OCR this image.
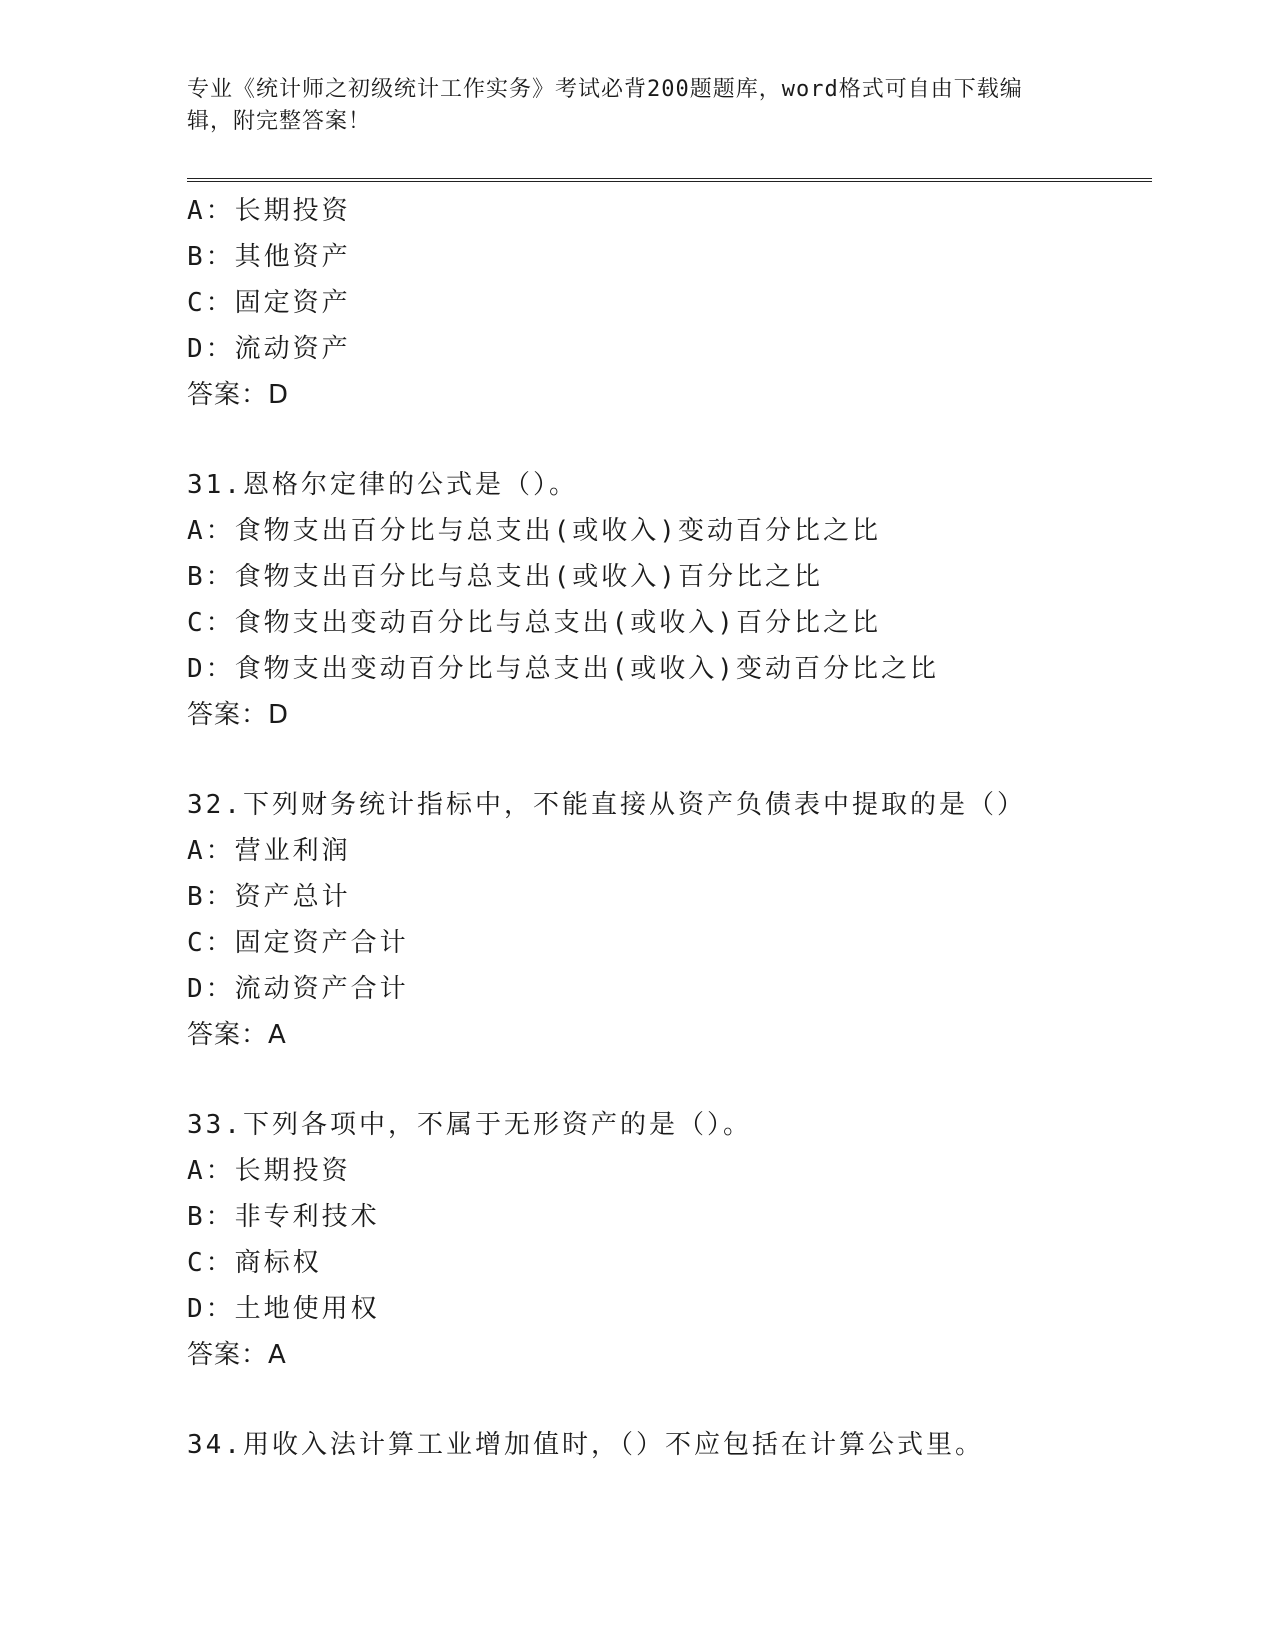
专业《统计师之初级统计工作实务》考试必背200题题库，word格式可自由下载编辑，附完整答案！
A：长期投资
B：其他资产
C：固定资产
D：流动资产
答案：D
31.恩格尔定律的公式是（）。
A：食物支出百分比与总支出(或收入)变动百分比之比
B：食物支出百分比与总支出(或收入)百分比之比
C：食物支出变动百分比与总支出(或收入)百分比之比
D：食物支出变动百分比与总支出(或收入)变动百分比之比
答案：D
32.下列财务统计指标中，不能直接从资产负债表中提取的是（）
A：营业利润
B：资产总计
C：固定资产合计
D：流动资产合计
答案：A
33.下列各项中，不属于无形资产的是（）。
A：长期投资
B：非专利技术
C：商标权
D：土地使用权
答案：A
34.用收入法计算工业增加值时，（）不应包括在计算公式里。
